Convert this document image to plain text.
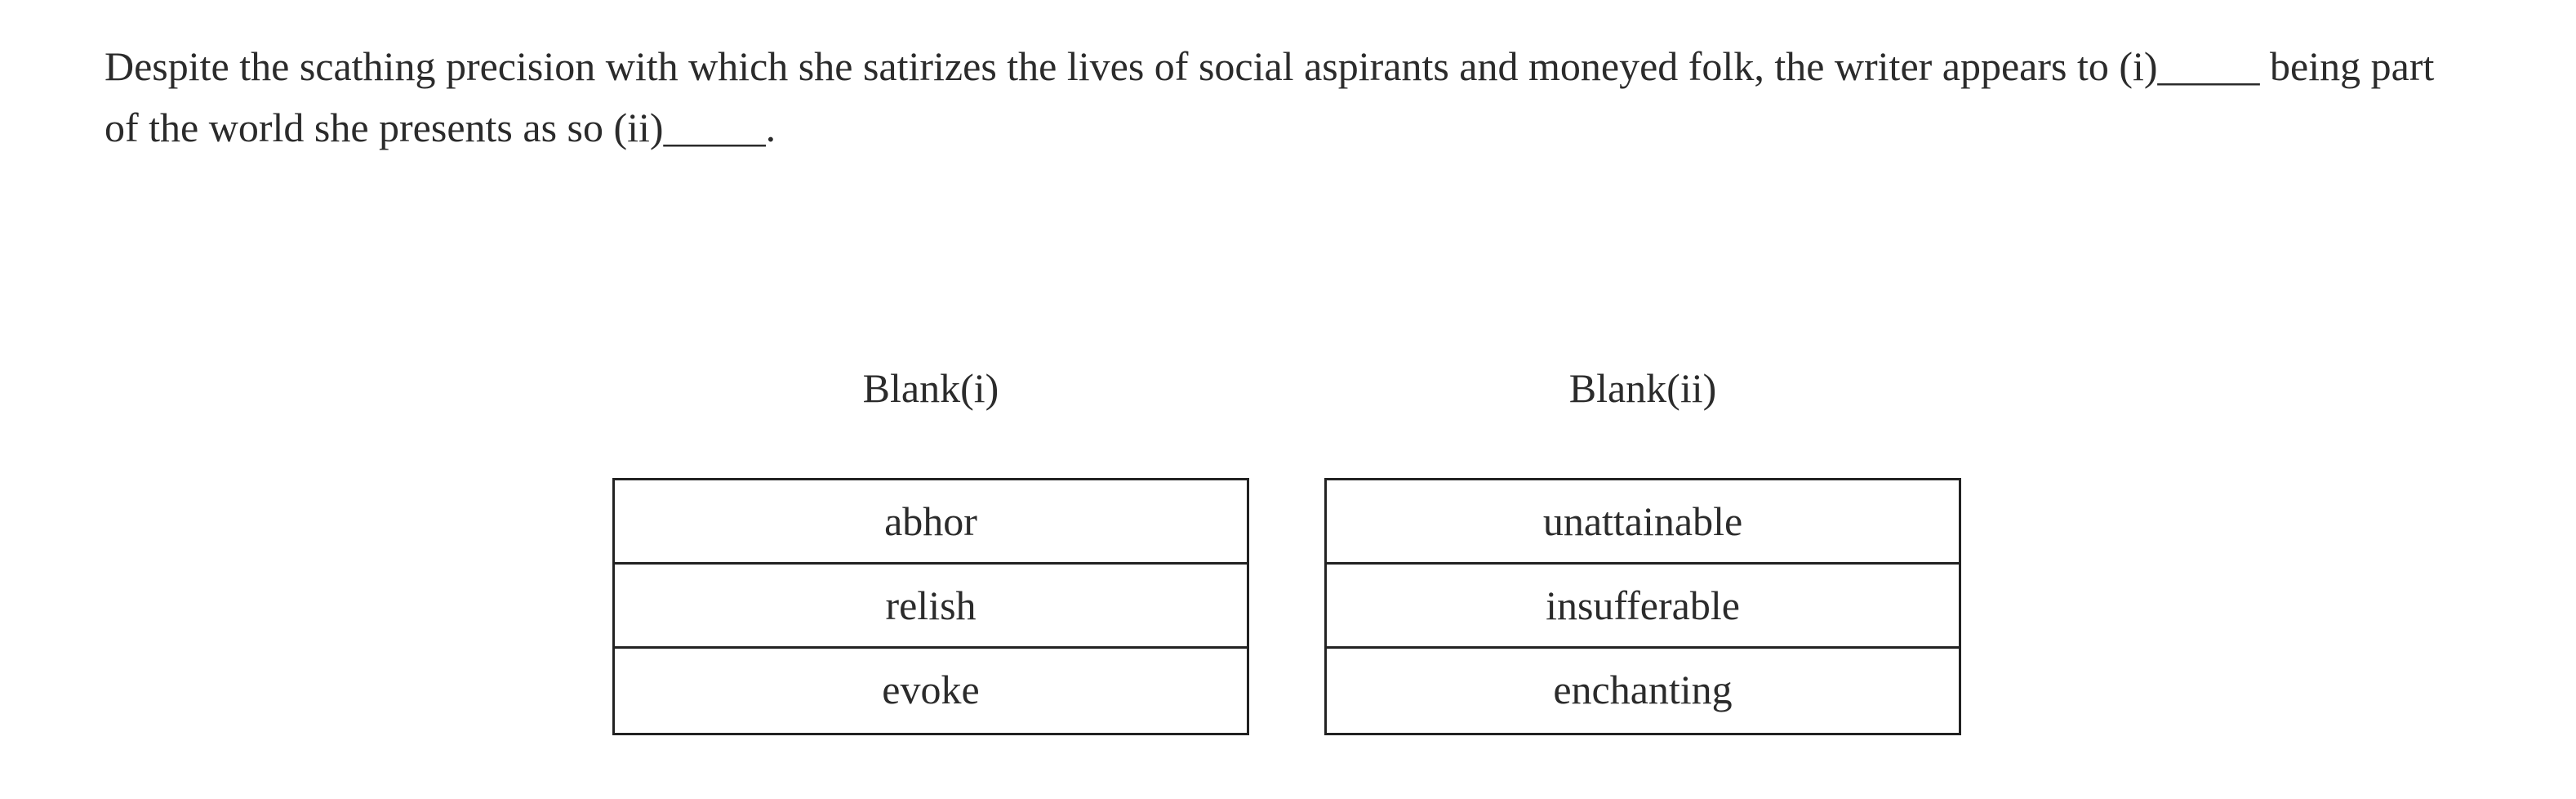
Despite the scathing precision with which she satirizes the lives of social aspirants and moneyed folk, the writer appears to (i)_____ being part of the world she presents as so (ii)_____.

Blank(i)
abhor
relish
evoke
Blank(ii)
unattainable
insufferable
enchanting
